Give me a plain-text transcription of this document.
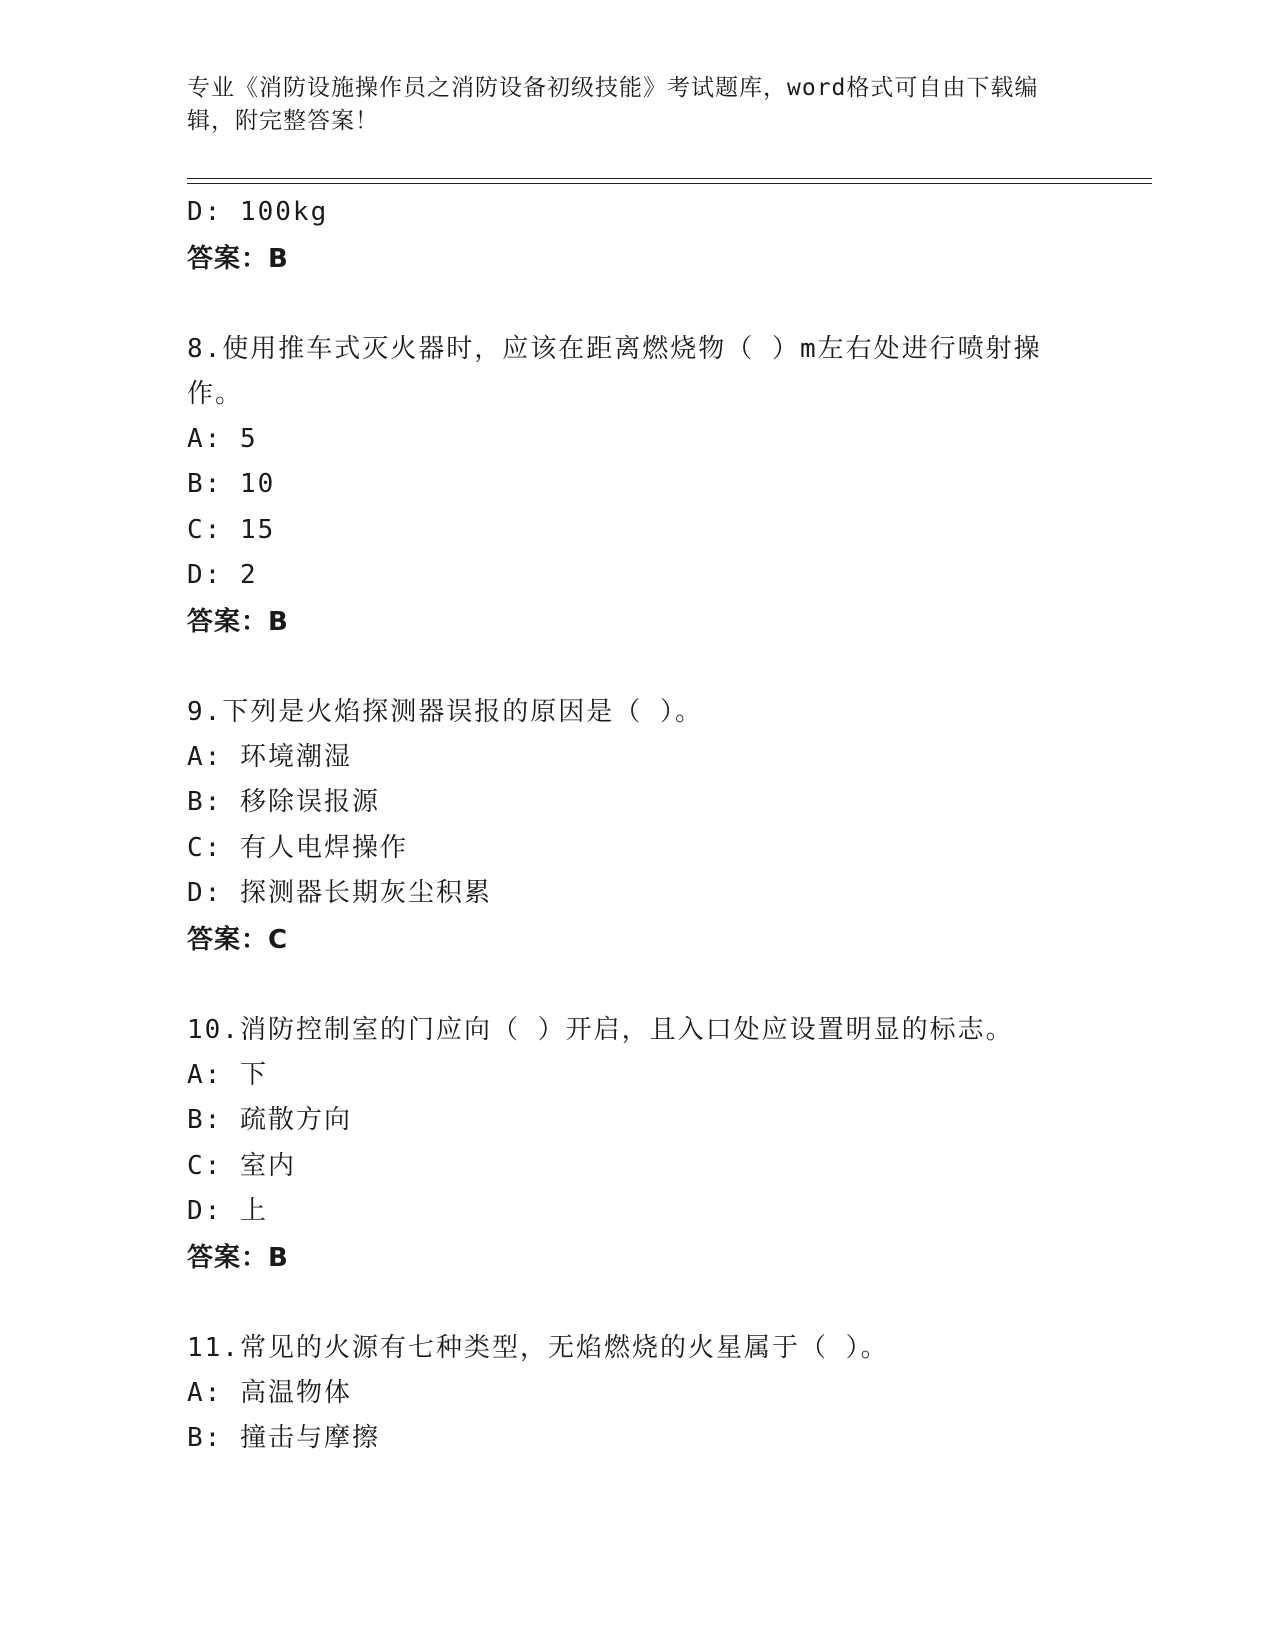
专业《消防设施操作员之消防设备初级技能》考试题库，word格式可自由下载编
辑，附完整答案！
D: 100kg
答案：B
8.使用推车式灭火器时，应该在距离燃烧物（ ）m左右处进行喷射操
作。
A: 5
B: 10
C: 15
D: 2
答案：B
9.下列是火焰探测器误报的原因是（ ）。
A: 环境潮湿
B: 移除误报源
C: 有人电焊操作
D: 探测器长期灰尘积累
答案：C
10.消防控制室的门应向（ ）开启，且入口处应设置明显的标志。
A: 下
B: 疏散方向
C: 室内
D: 上
答案：B
11.常见的火源有七种类型，无焰燃烧的火星属于（ ）。
A: 高温物体
B: 撞击与摩擦
